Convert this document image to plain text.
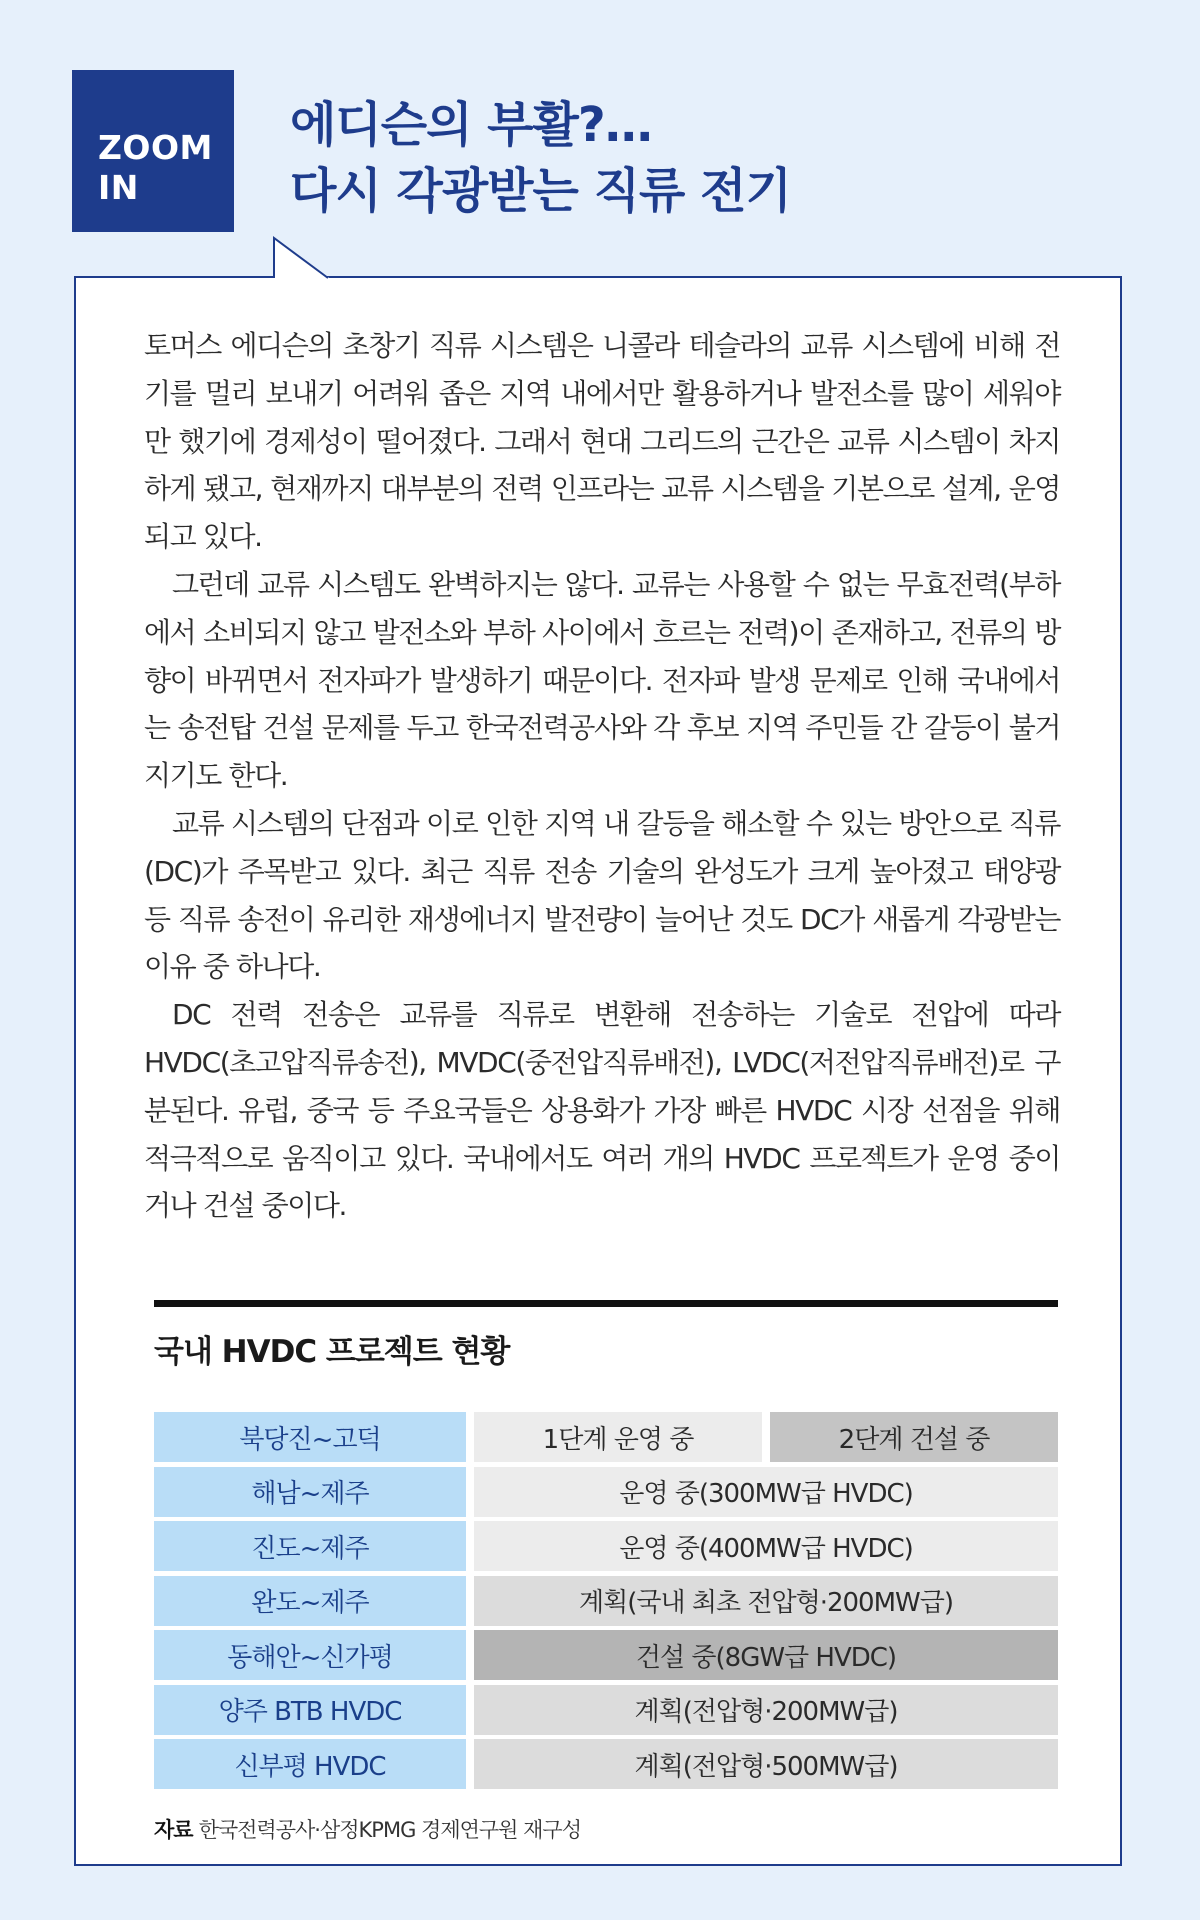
ZOOM
IN
에디슨의 부활?…
다시 각광받는 직류 전기

토머스 에디슨의 초창기 직류 시스템은 니콜라 테슬라의 교류 시스템에 비해 전기를 멀리 보내기 어려워 좁은 지역 내에서만 활용하거나 발전소를 많이 세워야만 했기에 경제성이 떨어졌다. 그래서 현대 그리드의 근간은 교류 시스템이 차지하게 됐고, 현재까지 대부분의 전력 인프라는 교류 시스템을 기본으로 설계, 운영되고 있다.

그런데 교류 시스템도 완벽하지는 않다. 교류는 사용할 수 없는 무효전력(부하에서 소비되지 않고 발전소와 부하 사이에서 흐르는 전력)이 존재하고, 전류의 방향이 바뀌면서 전자파가 발생하기 때문이다. 전자파 발생 문제로 인해 국내에서는 송전탑 건설 문제를 두고 한국전력공사와 각 후보 지역 주민들 간 갈등이 불거지기도 한다.

교류 시스템의 단점과 이로 인한 지역 내 갈등을 해소할 수 있는 방안으로 직류(DC)가 주목받고 있다. 최근 직류 전송 기술의 완성도가 크게 높아졌고 태양광 등 직류 송전이 유리한 재생에너지 발전량이 늘어난 것도 DC가 새롭게 각광받는 이유 중 하나다.

DC 전력 전송은 교류를 직류로 변환해 전송하는 기술로 전압에 따라 HVDC(초고압직류송전), MVDC(중전압직류배전), LVDC(저전압직류배전)로 구분된다. 유럽, 중국 등 주요국들은 상용화가 가장 빠른 HVDC 시장 선점을 위해 적극적으로 움직이고 있다. 국내에서도 여러 개의 HVDC 프로젝트가 운영 중이거나 건설 중이다.

국내 HVDC 프로젝트 현황
북당진~고덕	1단계 운영 중	2단계 건설 중
해남~제주	운영 중(300MW급 HVDC)
진도~제주	운영 중(400MW급 HVDC)
완도~제주	계획(국내 최초 전압형·200MW급)
동해안~신가평	건설 중(8GW급 HVDC)
양주 BTB HVDC	계획(전압형·200MW급)
신부평 HVDC	계획(전압형·500MW급)
자료 한국전력공사·삼정KPMG 경제연구원 재구성
